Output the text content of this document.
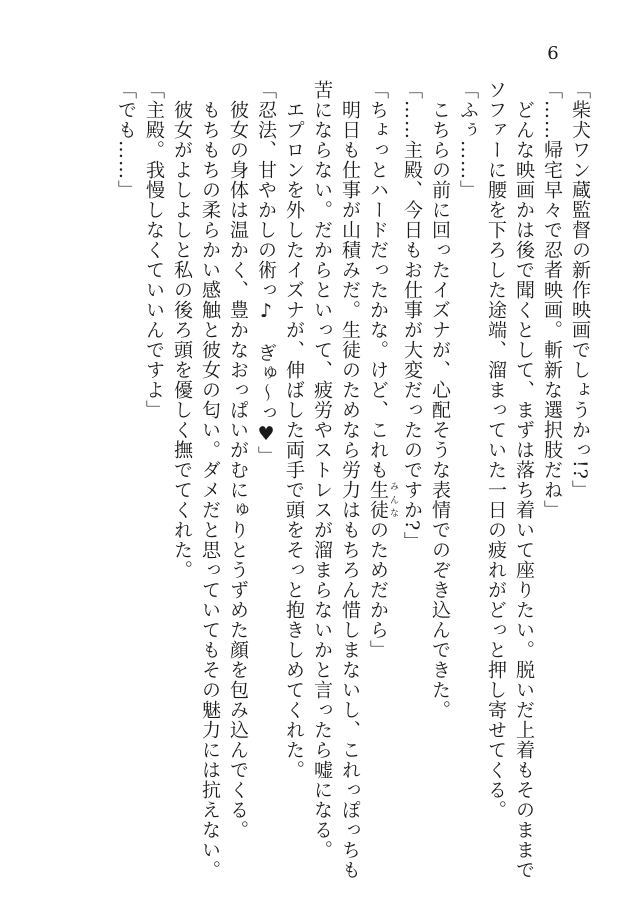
6

「柴犬ワン蔵監督の新作映画でしょうかっ!?」

「……帰宅早々で忍者映画。斬新な選択肢だね」

　どんな映画かは後で聞くとして、まずは落ち着いて座りたい。脱いだ上着もそのままで

ソファーに腰を下ろした途端、溜まっていた一日の疲れがどっと押し寄せてくる。

「ふぅ……」

　こちらの前に回ったイズナが、心配そうな表情でのぞき込んできた。

「……主殿、今日もお仕事が大変だったのですか?」

「ちょっとハードだったかな。けど、これも生徒 みんなのためだから」

　明日も仕事が山積みだ。生徒のためなら労力はもちろん惜しまないし、これっぽっちも

苦にならない。だからといって、疲労やストレスが溜まらないかと言ったら嘘になる。

　エプロンを外したイズナが、伸ばした両手で頭をそっと抱きしめてくれた。

「忍法、甘やかしの術っ♪　ぎゅ～っ♥」

　彼女の身体は温かく、豊かなおっぱいがむにゅりとうずめた顔を包み込んでくる。

　もちもちの柔らかい感触と彼女の匂い。ダメだと思っていてもその魅力には抗えない。

　彼女がよしよしと私の後ろ頭を優しく撫でてくれた。

「主殿。我慢しなくていいんですよ」

「でも……」
